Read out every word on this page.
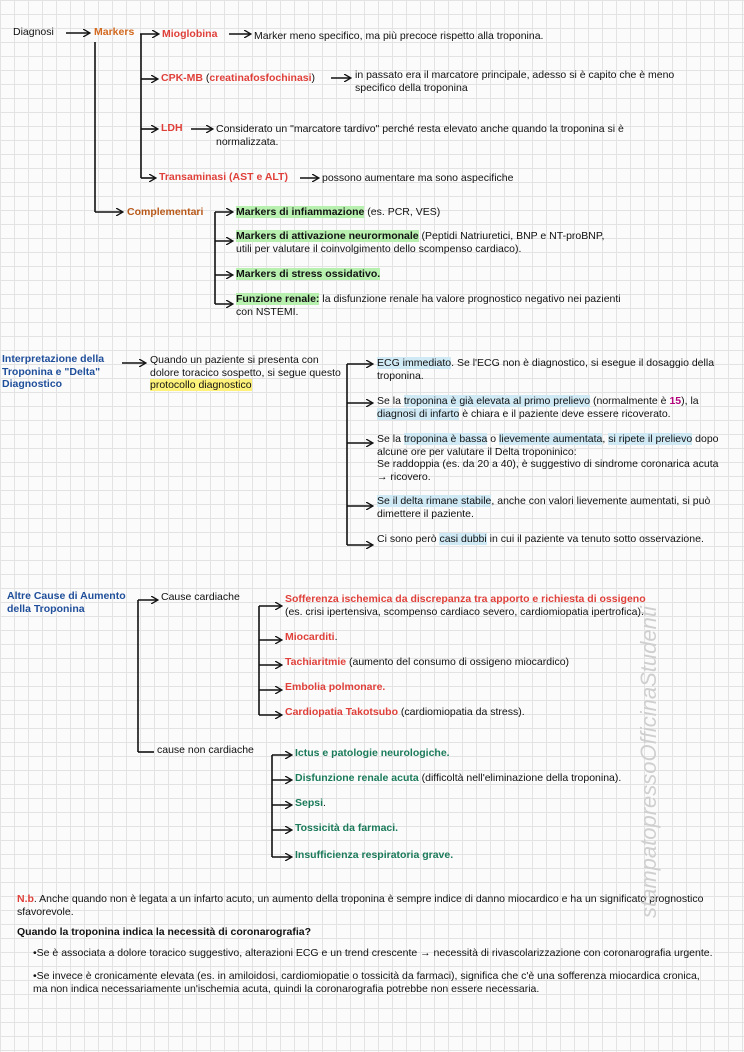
Diagnosi	Markers	Mioglobina	Marker meno specifico, ma più precoce rispetto alla troponina.
CPK-MB (creatinafosfochinasi)	in passato era il marcatore principale, adesso si è capito che è meno specifico della troponina
LDH	Considerato un "marcatore tardivo" perché resta elevato anche quando la troponina si è normalizzata.
Transaminasi (AST e ALT)	possono aumentare ma sono aspecifiche
Complementari	Markers di infiammazione (es. PCR, VES)
Markers di attivazione neurormonale (Peptidi Natriuretici, BNP e NT-proBNP, utili per valutare il coinvolgimento dello scompenso cardiaco).
Markers di stress ossidativo.
Funzione renale: la disfunzione renale ha valore prognostico negativo nei pazienti con NSTEMI.
Interpretazione della Troponina e "Delta" Diagnostico
Quando un paziente si presenta con dolore toracico sospetto, si segue questo protocollo diagnostico
ECG immediato. Se l'ECG non è diagnostico, si esegue il dosaggio della troponina.
Se la troponina è già elevata al primo prelievo (normalmente è 15), la diagnosi di infarto è chiara e il paziente deve essere ricoverato.
Se la troponina è bassa o lievemente aumentata, si ripete il prelievo dopo alcune ore per valutare il Delta troponinico:
Se raddoppia (es. da 20 a 40), è suggestivo di sindrome coronarica acuta → ricovero.
Se il delta rimane stabile, anche con valori lievemente aumentati, si può dimettere il paziente.
Ci sono però casi dubbi in cui il paziente va tenuto sotto osservazione.
Altre Cause di Aumento della Troponina
Cause cardiache	Sofferenza ischemica da discrepanza tra apporto e richiesta di ossigeno
(es. crisi ipertensiva, scompenso cardiaco severo, cardiomiopatia ipertrofica).
Miocarditi.
Tachiaritmie (aumento del consumo di ossigeno miocardico)
Embolia polmonare.
Cardiopatia Takotsubo (cardiomiopatia da stress).
cause non cardiache	Ictus e patologie neurologiche.
Disfunzione renale acuta (difficoltà nell'eliminazione della troponina).
Sepsi.
Tossicità da farmaci.
Insufficienza respiratoria grave.
N.b. Anche quando non è legata a un infarto acuto, un aumento della troponina è sempre indice di danno miocardico e ha un significato prognostico sfavorevole.
Quando la troponina indica la necessità di coronarografia?
•Se è associata a dolore toracico suggestivo, alterazioni ECG e un trend crescente → necessità di rivascolarizzazione con coronarografia urgente.
•Se invece è cronicamente elevata (es. in amiloidosi, cardiomiopatie o tossicità da farmaci), significa che c'è una sofferenza miocardica cronica, ma non indica necessariamente un'ischemia acuta, quindi la coronarografia potrebbe non essere necessaria.
stampatopressoOfficinaStudenti
